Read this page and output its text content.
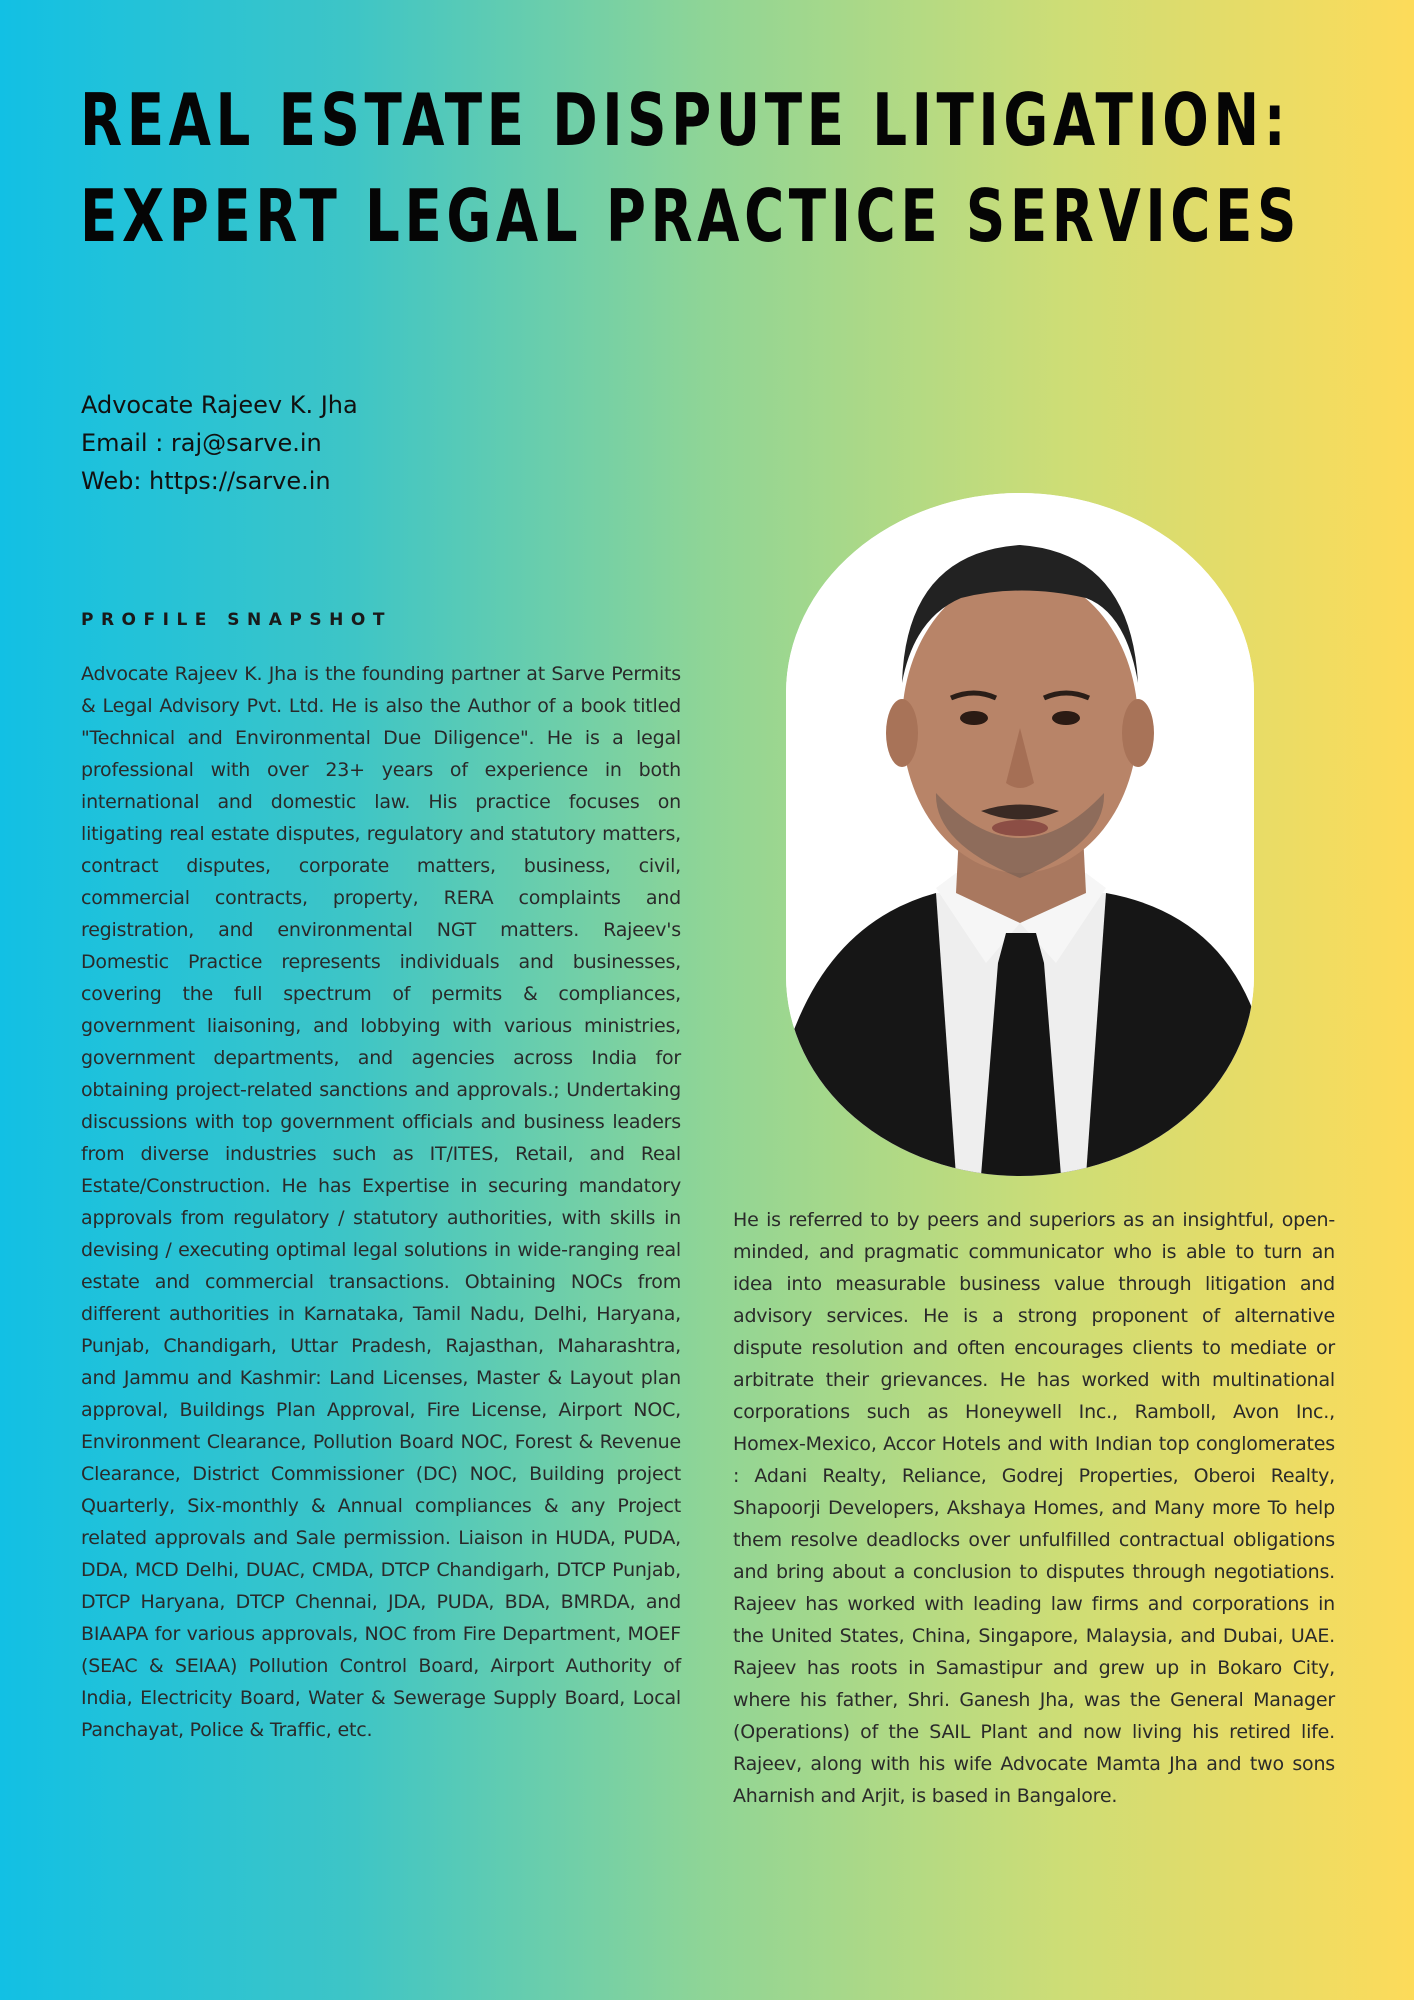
REAL ESTATE DISPUTE LITIGATION:
EXPERT LEGAL PRACTICE SERVICES
Advocate Rajeev K. Jha
Email : raj@sarve.in
Web: https://sarve.in
PROFILE SNAPSHOT

Advocate Rajeev K. Jha is the founding partner at Sarve Permits & Legal Advisory Pvt. Ltd. He is also the Author of a book titled "Technical and Environmental Due Diligence". He is a legal professional with over 23+ years of experience in both international and domestic law. His practice focuses on litigating real estate disputes, regulatory and statutory matters, contract disputes, corporate matters, business, civil, commercial contracts, property, RERA complaints and registration, and environmental NGT matters. Rajeev's Domestic Practice represents individuals and businesses, covering the full spectrum of permits & compliances, government liaisoning, and lobbying with various ministries, government departments, and agencies across India for obtaining project-related sanctions and approvals.; Undertaking discussions with top government officials and business leaders from diverse industries such as IT/ITES, Retail, and Real Estate/Construction. He has Expertise in securing mandatory approvals from regulatory / statutory authorities, with skills in devising / executing optimal legal solutions in wide-ranging real estate and commercial transactions. Obtaining NOCs from different authorities in Karnataka, Tamil Nadu, Delhi, Haryana, Punjab, Chandigarh, Uttar Pradesh, Rajasthan, Maharashtra, and Jammu and Kashmir: Land Licenses, Master & Layout plan approval, Buildings Plan Approval, Fire License, Airport NOC, Environment Clearance, Pollution Board NOC, Forest & Revenue Clearance, District Commissioner (DC) NOC, Building project Quarterly, Six-monthly & Annual compliances & any Project related approvals and Sale permission. Liaison in HUDA, PUDA, DDA, MCD Delhi, DUAC, CMDA, DTCP Chandigarh, DTCP Punjab, DTCP Haryana, DTCP Chennai, JDA, PUDA, BDA, BMRDA, and BIAAPA for various approvals, NOC from Fire Department, MOEF (SEAC & SEIAA) Pollution Control Board, Airport Authority of India, Electricity Board, Water & Sewerage Supply Board, Local Panchayat, Police & Traffic, etc.

He is referred to by peers and superiors as an insightful, open-minded, and pragmatic communicator who is able to turn an idea into measurable business value through litigation and advisory services. He is a strong proponent of alternative dispute resolution and often encourages clients to mediate or arbitrate their grievances. He has worked with multinational corporations such as Honeywell Inc., Ramboll, Avon Inc., Homex-Mexico, Accor Hotels and with Indian top conglomerates : Adani Realty, Reliance, Godrej Properties, Oberoi Realty, Shapoorji Developers, Akshaya Homes, and Many more To help them resolve deadlocks over unfulfilled contractual obligations and bring about a conclusion to disputes through negotiations. Rajeev has worked with leading law firms and corporations in the United States, China, Singapore, Malaysia, and Dubai, UAE. Rajeev has roots in Samastipur and grew up in Bokaro City, where his father, Shri. Ganesh Jha, was the General Manager (Operations) of the SAIL Plant and now living his retired life. Rajeev, along with his wife Advocate Mamta Jha and two sons Aharnish and Arjit, is based in Bangalore.
